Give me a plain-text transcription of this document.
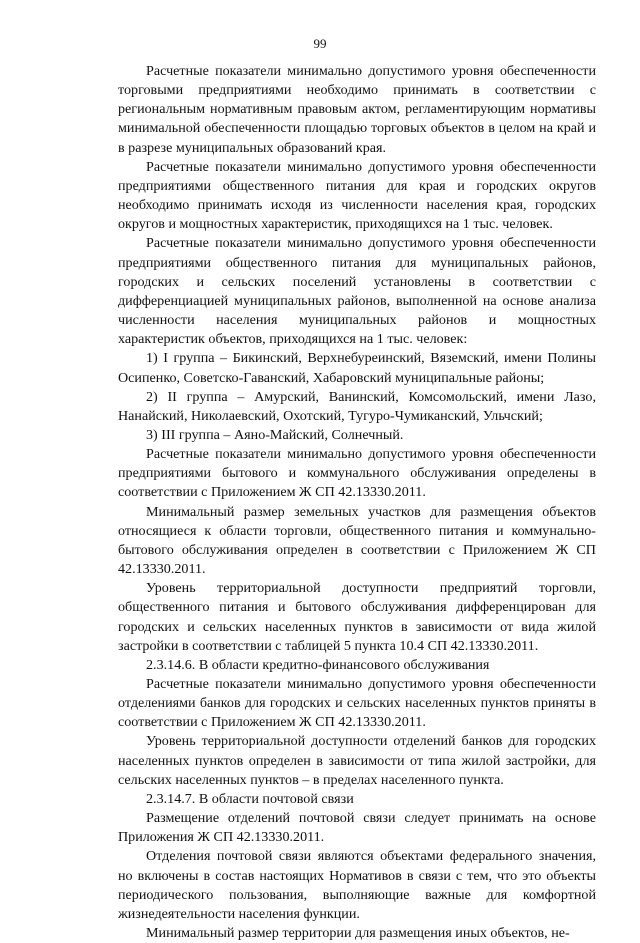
99

Расчетные показатели минимально допустимого уровня обеспеченности торговыми предприятиями необходимо принимать в соответствии с региональным нормативным правовым актом, регламентирующим нормативы минимальной обеспеченности площадью торговых объектов в целом на край и в разрезе муниципальных образований края.

Расчетные показатели минимально допустимого уровня обеспеченности предприятиями общественного питания для края и городских округов необходимо принимать исходя из численности населения края, городских округов и мощностных характеристик, приходящихся на 1 тыс. человек.

Расчетные показатели минимально допустимого уровня обеспеченности предприятиями общественного питания для муниципальных районов, городских и сельских поселений установлены в соответствии с дифференциацией муниципальных районов, выполненной на основе анализа численности населения муниципальных районов и мощностных характеристик объектов, приходящихся на 1 тыс. человек:

1) I группа – Бикинский, Верхнебуреинский, Вяземский, имени Полины Осипенко, Советско-Гаванский, Хабаровский муниципальные районы;

2) II группа – Амурский, Ванинский, Комсомольский, имени Лазо, Нанайский, Николаевский, Охотский, Тугуро-Чумиканский, Ульчский;

3) III группа – Аяно-Майский, Солнечный.

Расчетные показатели минимально допустимого уровня обеспеченности предприятиями бытового и коммунального обслуживания определены в соответствии с Приложением Ж СП 42.13330.2011.

Минимальный размер земельных участков для размещения объектов относящиеся к области торговли, общественного питания и коммунально-бытового обслуживания определен в соответствии с Приложением Ж СП 42.13330.2011.

Уровень территориальной доступности предприятий торговли, общественного питания и бытового обслуживания дифференцирован для городских и сельских населенных пунктов в зависимости от вида жилой застройки в соответствии с таблицей 5 пункта 10.4 СП 42.13330.2011.

2.3.14.6. В области кредитно-финансового обслуживания

Расчетные показатели минимально допустимого уровня обеспеченности отделениями банков для городских и сельских населенных пунктов приняты в соответствии с Приложением Ж СП 42.13330.2011.

Уровень территориальной доступности отделений банков для городских населенных пунктов определен в зависимости от типа жилой застройки, для сельских населенных пунктов – в пределах населенного пункта.

2.3.14.7. В области почтовой связи

Размещение отделений почтовой связи следует принимать на основе Приложения Ж СП 42.13330.2011.

Отделения почтовой связи являются объектами федерального значения, но включены в состав настоящих Нормативов в связи с тем, что это объекты периодического пользования, выполняющие важные для комфортной жизнедеятельности населения функции.

Минимальный размер территории для размещения иных объектов, не-
